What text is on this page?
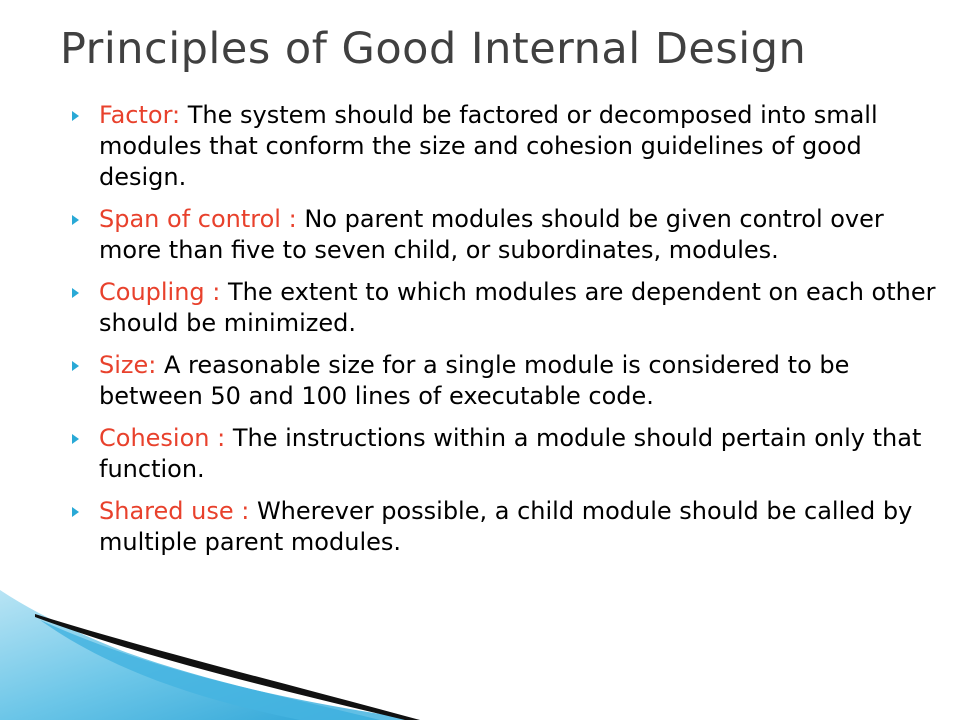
Principles of Good Internal Design
Factor: The system should be factored or decomposed into small modules that conform the size and cohesion guidelines of good design.
Span of control : No parent modules should be given control over more than five to seven child, or subordinates, modules.
Coupling : The extent to which modules are dependent on each other should be minimized.
Size: A reasonable size for a single module is considered to be between 50 and 100 lines of executable code.
Cohesion : The instructions within a module should pertain only that function.
Shared use : Wherever possible, a child module should be called by multiple parent modules.
